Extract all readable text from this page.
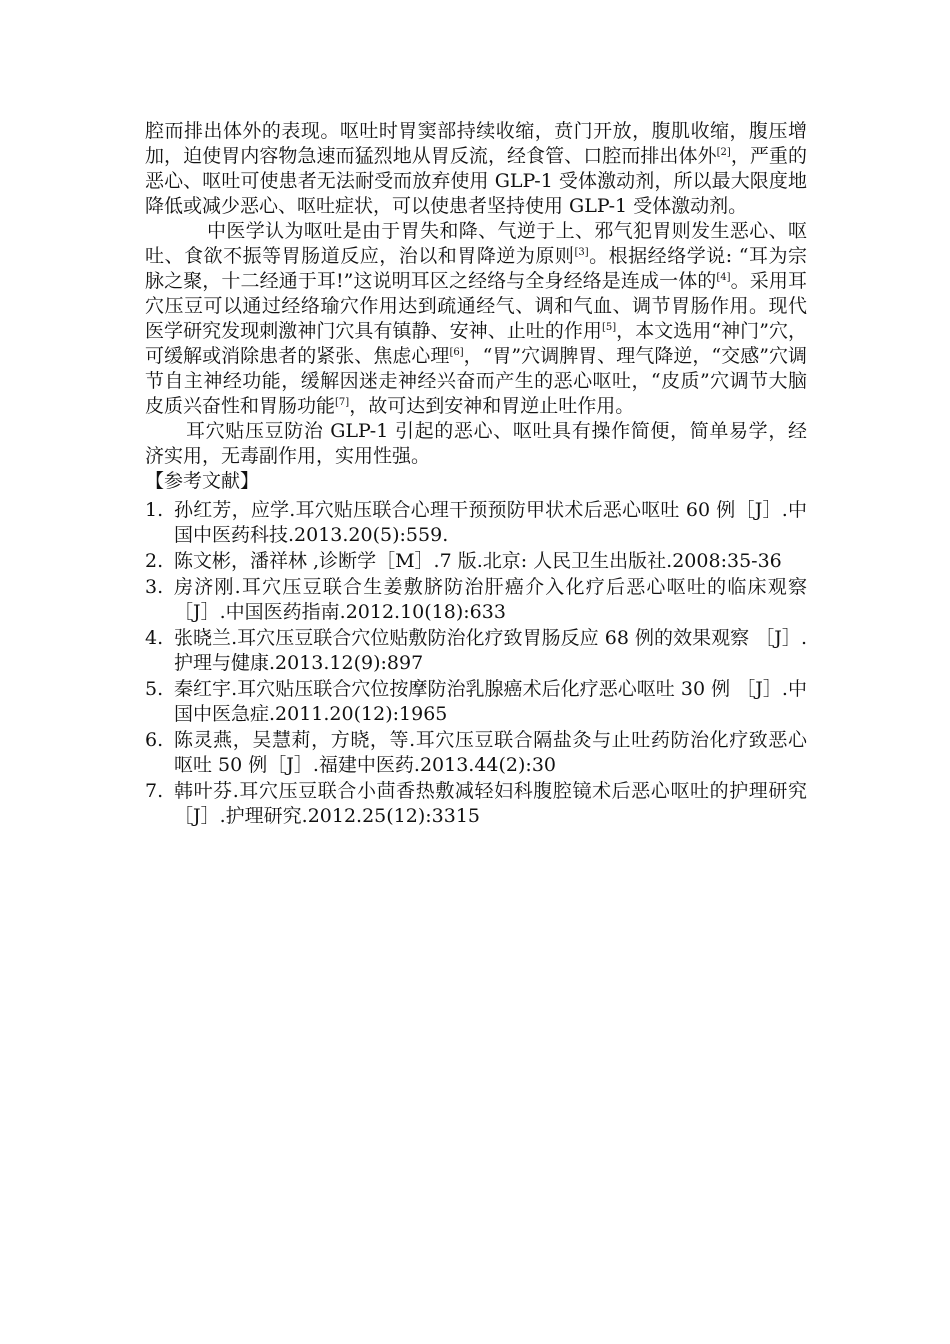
腔而排出体外的表现。呕吐时胃窦部持续收缩，贲门开放，腹肌收缩，腹压增加，迫使胃内容物急速而猛烈地从胃反流，经食管、口腔而排出体外[2]，严重的恶心、呕吐可使患者无法耐受而放弃使用 GLP-1 受体激动剂，所以最大限度地降低或减少恶心、呕吐症状，可以使患者坚持使用 GLP-1 受体激动剂。

中医学认为呕吐是由于胃失和降、气逆于上、邪气犯胃则发生恶心、呕吐、食欲不振等胃肠道反应，治以和胃降逆为原则[3]。根据经络学说: “耳为宗脉之聚，十二经通于耳!”这说明耳区之经络与全身经络是连成一体的[4]。采用耳穴压豆可以通过经络瑜穴作用达到疏通经气、调和气血、调节胃肠作用。现代医学研究发现刺激神门穴具有镇静、安神、止吐的作用[5]，本文选用“神门”穴，可缓解或消除患者的紧张、焦虑心理[6]，“胃”穴调脾胃、理气降逆，“交感”穴调节自主神经功能，缓解因迷走神经兴奋而产生的恶心呕吐，“皮质”穴调节大脑皮质兴奋性和胃肠功能[7]，故可达到安神和胃逆止吐作用。

耳穴贴压豆防治 GLP-1 引起的恶心、呕吐具有操作简便，简单易学，经济实用，无毒副作用，实用性强。

【参考文献】

1. 孙红芳，应学.耳穴贴压联合心理干预预防甲状术后恶心呕吐 60 例［J］.中国中医药科技.2013.20(5):559.
2. 陈文彬，潘祥林 ,诊断学［M］.7 版.北京: 人民卫生出版社.2008:35-36
3. 房济刚.耳穴压豆联合生姜敷脐防治肝癌介入化疗后恶心呕吐的临床观察［J］.中国医药指南.2012.10(18):633
4. 张晓兰.耳穴压豆联合穴位贴敷防治化疗致胃肠反应 68 例的效果观察 ［J］.护理与健康.2013.12(9):897
5. 秦红宇.耳穴贴压联合穴位按摩防治乳腺癌术后化疗恶心呕吐 30 例 ［J］.中国中医急症.2011.20(12):1965
6. 陈灵燕，吴慧莉，方晓，等.耳穴压豆联合隔盐灸与止吐药防治化疗致恶心呕吐 50 例［J］.福建中医药.2013.44(2):30
7. 韩叶芬.耳穴压豆联合小茴香热敷减轻妇科腹腔镜术后恶心呕吐的护理研究［J］.护理研究.2012.25(12):3315
